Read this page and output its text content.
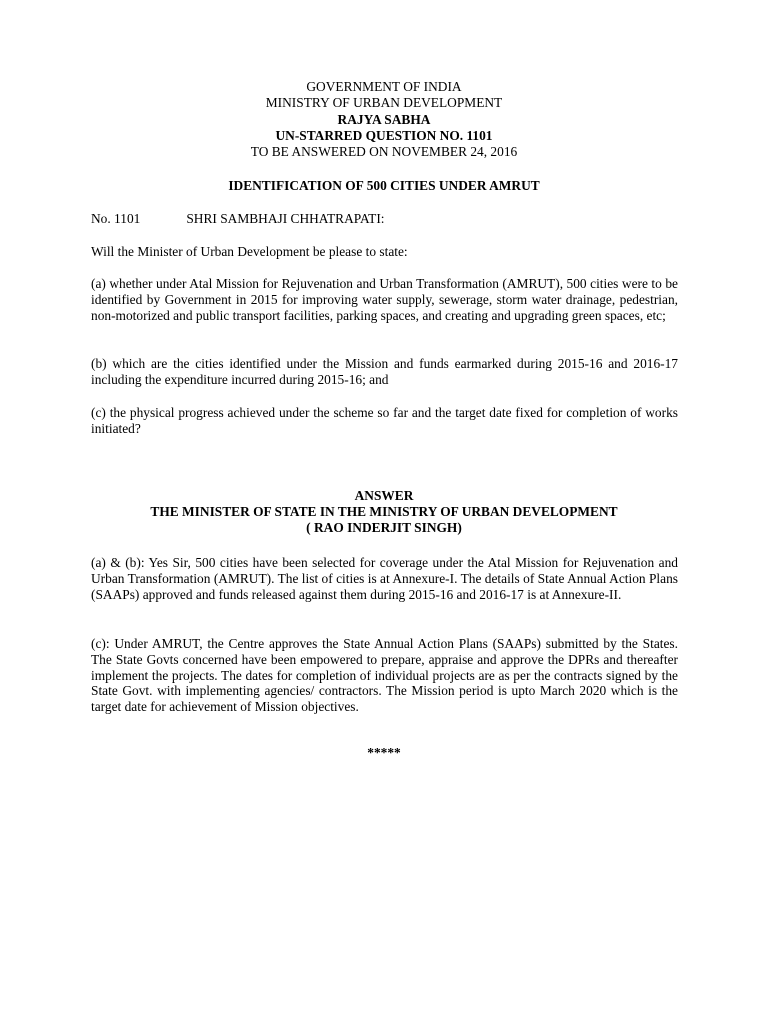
GOVERNMENT OF INDIA
MINISTRY OF URBAN DEVELOPMENT
RAJYA SABHA
UN-STARRED QUESTION NO. 1101
TO BE ANSWERED ON NOVEMBER 24, 2016
IDENTIFICATION OF 500 CITIES UNDER AMRUT
No. 1101	SHRI SAMBHAJI CHHATRAPATI:

Will the Minister of Urban Development be please to state:

(a) whether under Atal Mission for Rejuvenation and Urban Transformation (AMRUT), 500 cities were to be identified by Government in 2015 for improving water supply, sewerage, storm water drainage, pedestrian, non-motorized and public transport facilities, parking spaces, and creating and upgrading green spaces, etc;

(b) which are the cities identified under the Mission and funds earmarked during 2015-16 and 2016-17 including the expenditure incurred during 2015-16; and

(c) the physical progress achieved under the scheme so far and the target date fixed for completion of works initiated?

ANSWER
THE MINISTER OF STATE IN THE MINISTRY OF URBAN DEVELOPMENT
( RAO INDERJIT SINGH)

(a) & (b): Yes Sir, 500 cities have been selected for coverage under the Atal Mission for Rejuvenation and Urban Transformation (AMRUT). The list of cities is at Annexure-I. The details of State Annual Action Plans (SAAPs) approved and funds released against them during 2015-16 and 2016-17 is at Annexure-II.

(c): Under AMRUT, the Centre approves the State Annual Action Plans (SAAPs) submitted by the States. The State Govts concerned have been empowered to prepare, appraise and approve the DPRs and thereafter implement the projects. The dates for completion of individual projects are as per the contracts signed by the State Govt. with implementing agencies/ contractors. The Mission period is upto March 2020 which is the target date for achievement of Mission objectives.

*****
